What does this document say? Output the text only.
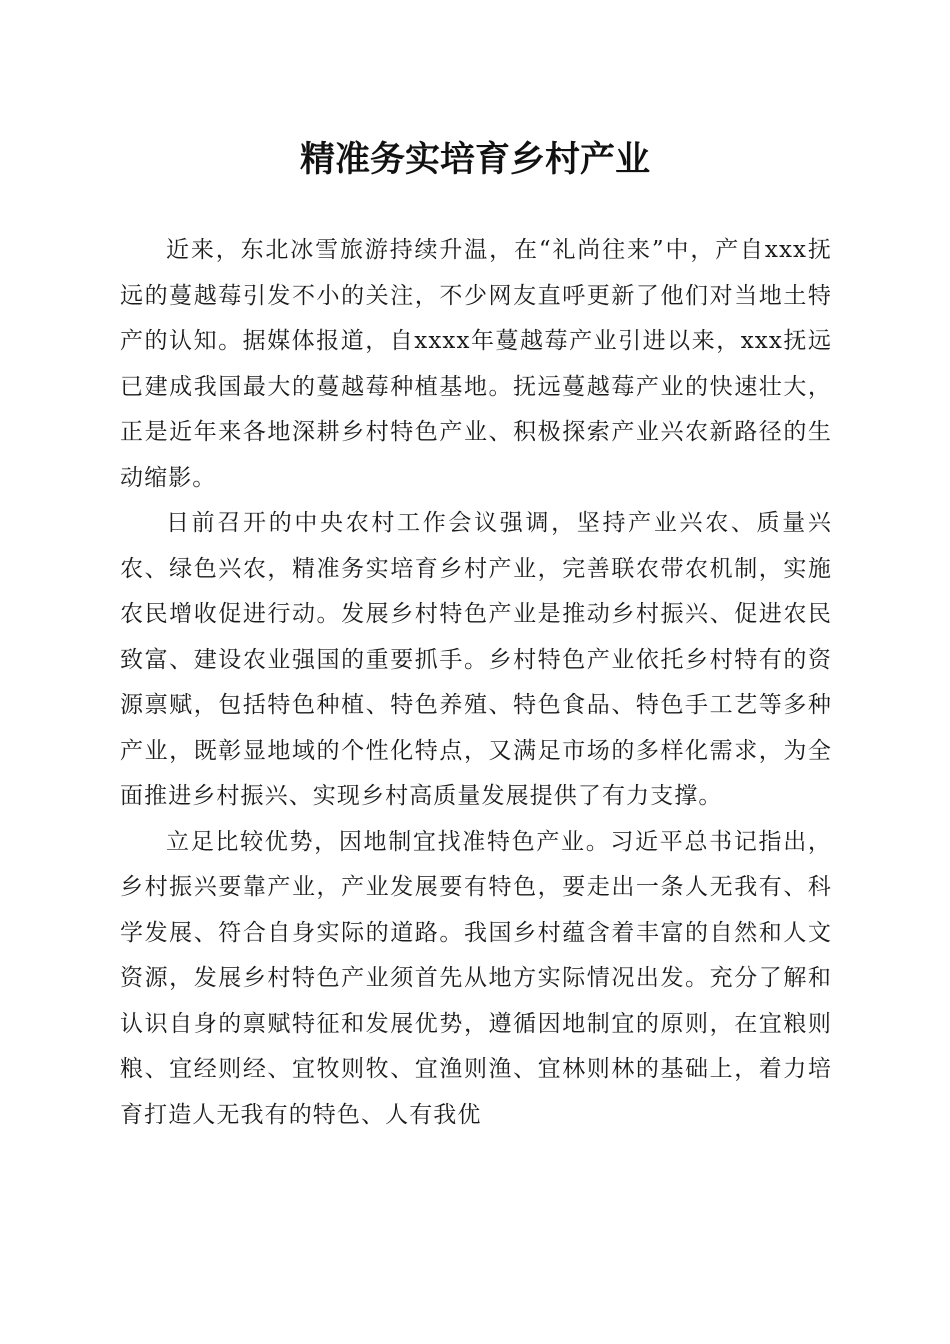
精准务实培育乡村产业

近来，东北冰雪旅游持续升温，在“礼尚往来”中，产自xxx抚远的蔓越莓引发不小的关注，不少网友直呼更新了他们对当地土特产的认知。据媒体报道，自xxxx年蔓越莓产业引进以来，xxx抚远已建成我国最大的蔓越莓种植基地。抚远蔓越莓产业的快速壮大，正是近年来各地深耕乡村特色产业、积极探索产业兴农新路径的生动缩影。

日前召开的中央农村工作会议强调，坚持产业兴农、质量兴农、绿色兴农，精准务实培育乡村产业，完善联农带农机制，实施农民增收促进行动。发展乡村特色产业是推动乡村振兴、促进农民致富、建设农业强国的重要抓手。乡村特色产业依托乡村特有的资源禀赋，包括特色种植、特色养殖、特色食品、特色手工艺等多种产业，既彰显地域的个性化特点，又满足市场的多样化需求，为全面推进乡村振兴、实现乡村高质量发展提供了有力支撑。

立足比较优势，因地制宜找准特色产业。习近平总书记指出，乡村振兴要靠产业，产业发展要有特色，要走出一条人无我有、科学发展、符合自身实际的道路。我国乡村蕴含着丰富的自然和人文资源，发展乡村特色产业须首先从地方实际情况出发。充分了解和认识自身的禀赋特征和发展优势，遵循因地制宜的原则，在宜粮则粮、宜经则经、宜牧则牧、宜渔则渔、宜林则林的基础上，着力培育打造人无我有的特色、人有我优
